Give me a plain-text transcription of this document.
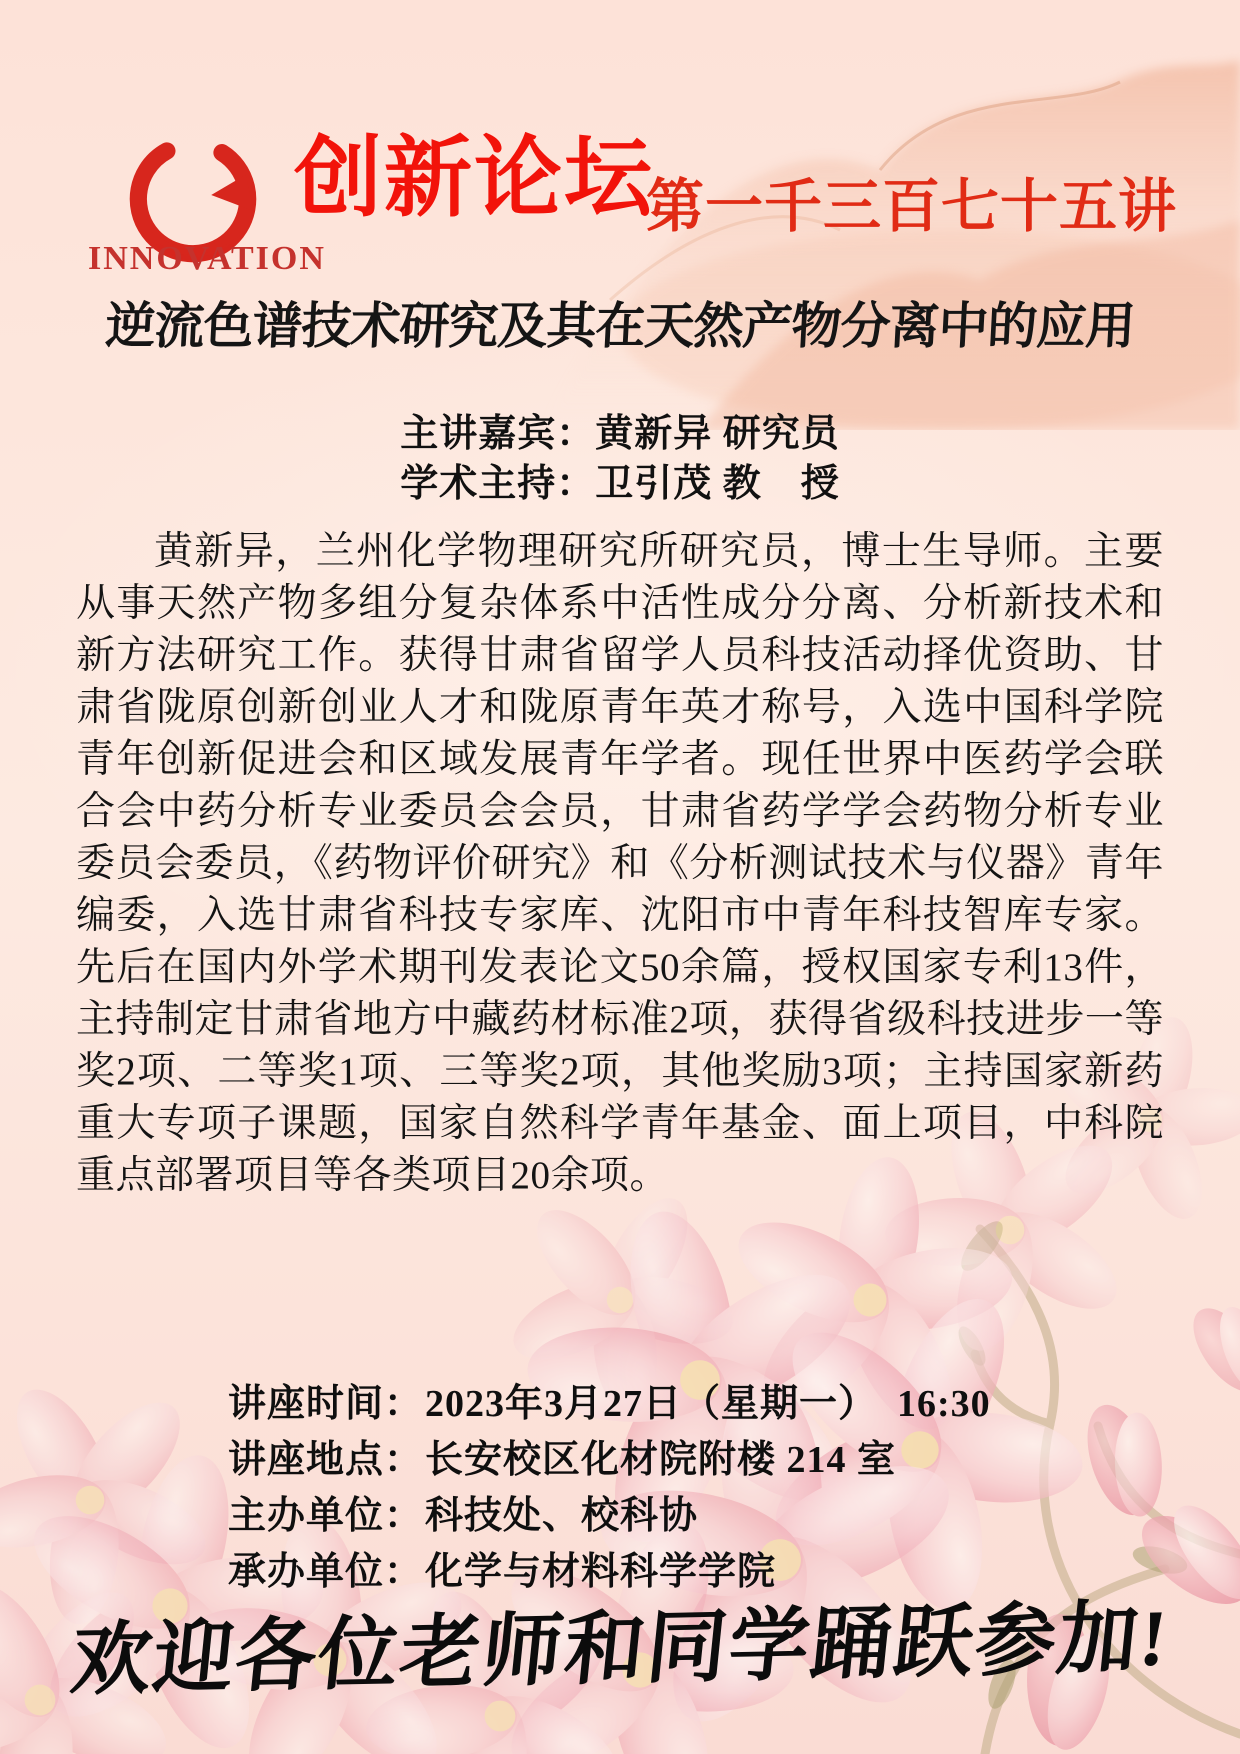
INNOVATION
创新论坛
第一千三百七十五讲
逆流色谱技术研究及其在天然产物分离中的应用

主讲嘉宾：黄新异 研究员

学术主持：卫引茂 教　授

黄新异，兰州化学物理研究所研究员，博士生导师。主要从事天然产物多组分复杂体系中活性成分分离、分析新技术和新方法研究工作。获得甘肃省留学人员科技活动择优资助、甘肃省陇原创新创业人才和陇原青年英才称号，入选中国科学院青年创新促进会和区域发展青年学者。现任世界中医药学会联合会中药分析专业委员会会员，甘肃省药学学会药物分析专业委员会委员，《药物评价研究》和《分析测试技术与仪器》青年编委，入选甘肃省科技专家库、沈阳市中青年科技智库专家。先后在国内外学术期刊发表论文50余篇，授权国家专利13件，主持制定甘肃省地方中藏药材标准2项，获得省级科技进步一等奖2项、二等奖1项、三等奖2项，其他奖励3项；主持国家新药重大专项子课题，国家自然科学青年基金、面上项目，中科院重点部署项目等各类项目20余项。

讲座时间：2023年3月27日（星期一）　16:30
讲座地点：长安校区化材院附楼 214 室
主办单位：科技处、校科协
承办单位：化学与材料科学学院
欢迎各位老师和同学踊跃参加!
